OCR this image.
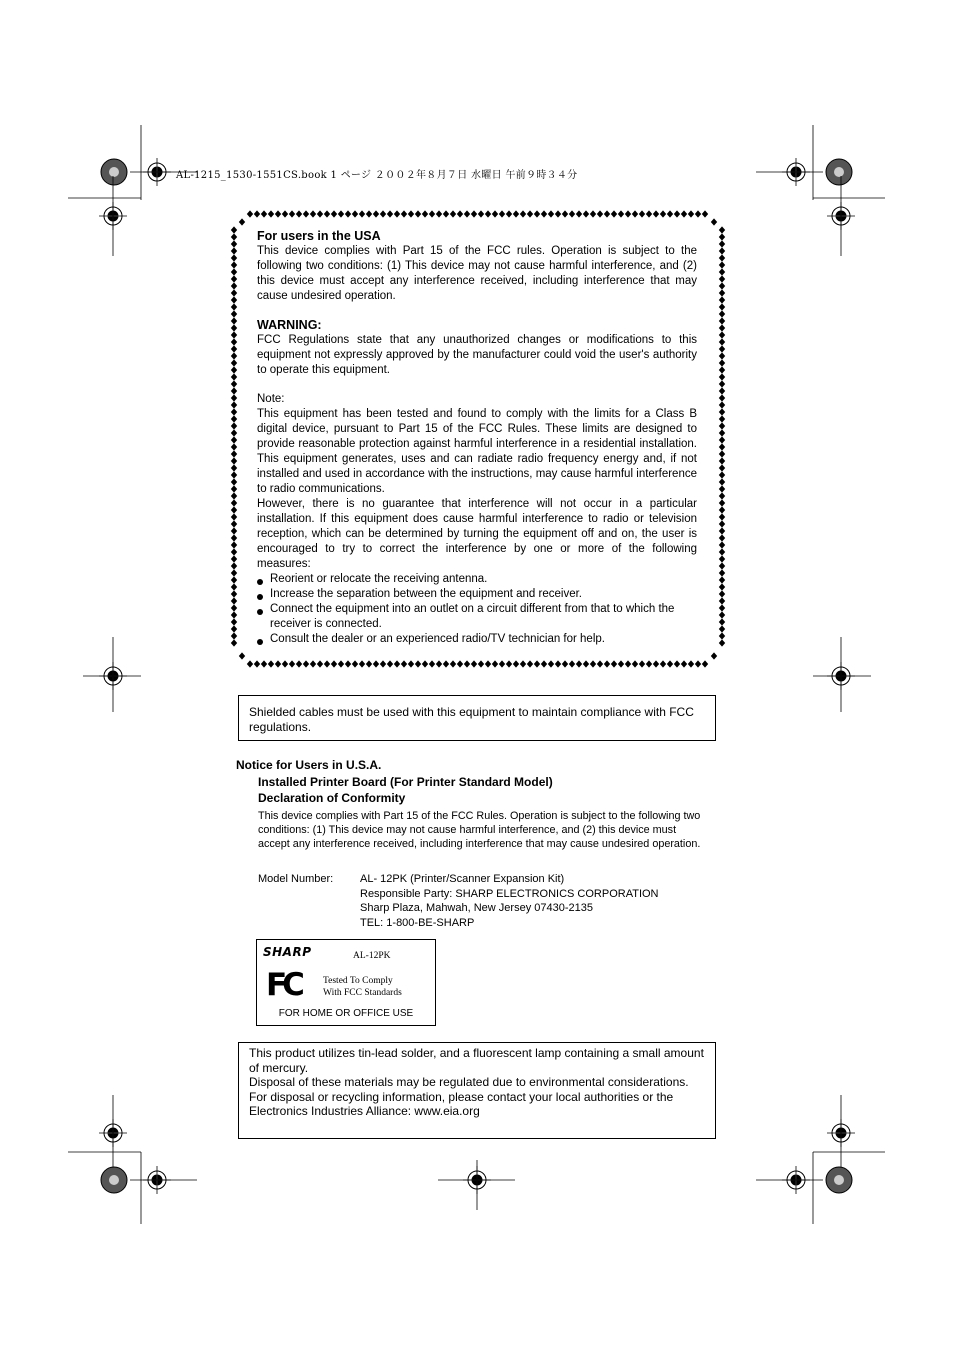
AL-1215_1530-1551CS.book 1 ページ ２００２年８月７日 水曜日 午前９時３４分
For users in the USA

This device complies with Part 15 of the FCC rules. Operation is subject to the following two conditions: (1) This device may not cause harmful interference, and (2) this device must accept any interference received, including interference that may cause undesired operation.

WARNING:

FCC Regulations state that any unauthorized changes or modifications to this equipment not expressly approved by the manufacturer could void the user's authority to operate this equipment.

Note:

This equipment has been tested and found to comply with the limits for a Class B digital device, pursuant to Part 15 of the FCC Rules. These limits are designed to provide reasonable protection against harmful interference in a residential installation. This equipment generates, uses and can radiate radio frequency energy and, if not installed and used in accordance with the instructions, may cause harmful interference to radio communications.

However, there is no guarantee that interference will not occur in a particular installation. If this equipment does cause harmful interference to radio or television reception, which can be determined by turning the equipment off and on, the user is encouraged to try to correct the interference by one or more of the following measures:

Reorient or relocate the receiving antenna.
Increase the separation between the equipment and receiver.
Connect the equipment into an outlet on a circuit different from that to which the receiver is connected.
Consult the dealer or an experienced radio/TV technician for help.
Shielded cables must be used with this equipment to maintain compliance with FCC regulations.
Notice for Users in U.S.A.
Installed Printer Board (For Printer Standard Model)
Declaration of Conformity
This device complies with Part 15 of the FCC Rules. Operation is subject to the following two conditions: (1) This device may not cause harmful interference, and (2) this device must accept any interference received, including interference that may cause undesired operation.
Model Number: AL- 12PK (Printer/Scanner Expansion Kit)
Responsible Party: SHARP ELECTRONICS CORPORATION
Sharp Plaza, Mahwah, New Jersey 07430-2135
TEL: 1-800-BE-SHARP
SHARP	AL-12PK
FC Tested To Comply
With FCC Standards
FOR HOME OR OFFICE USE
This product utilizes tin-lead solder, and a fluorescent lamp containing a small amount of mercury.
Disposal of these materials may be regulated due to environmental considerations.
For disposal or recycling information, please contact your local authorities or the Electronics Industries Alliance: www.eia.org
